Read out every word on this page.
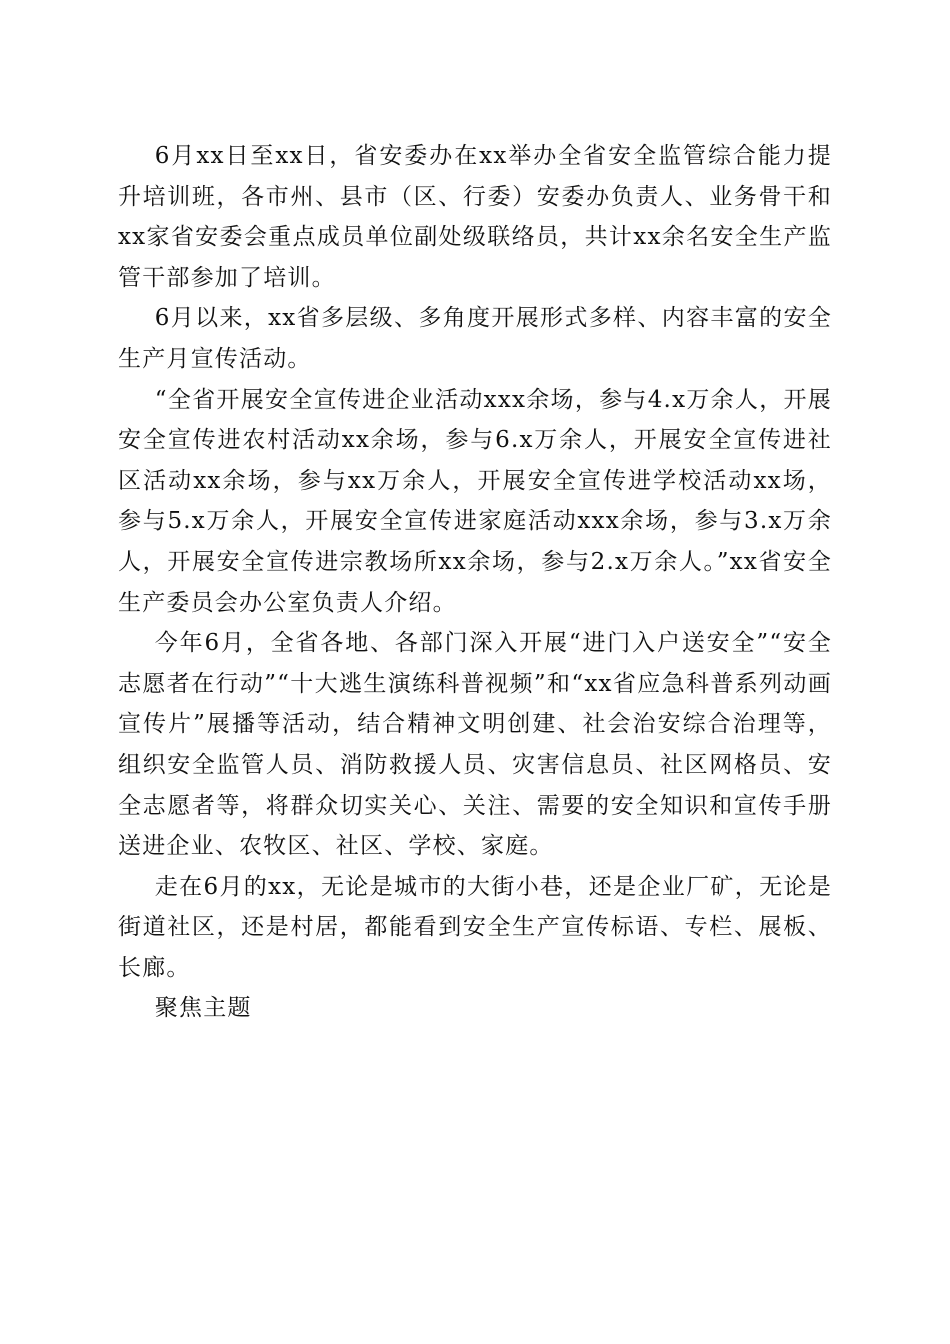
6月xx日至xx日，省安委办在xx举办全省安全监管综合能力提升培训班，各市州、县市（区、行委）安委办负责人、业务骨干和xx家省安委会重点成员单位副处级联络员，共计xx余名安全生产监管干部参加了培训。

6月以来，xx省多层级、多角度开展形式多样、内容丰富的安全生产月宣传活动。

“全省开展安全宣传进企业活动xxx余场，参与4.x万余人，开展安全宣传进农村活动xx余场，参与6.x万余人，开展安全宣传进社区活动xx余场，参与xx万余人，开展安全宣传进学校活动xx场，参与5.x万余人，开展安全宣传进家庭活动xxx余场，参与3.x万余人，开展安全宣传进宗教场所xx余场，参与2.x万余人。”xx省安全生产委员会办公室负责人介绍。

今年6月，全省各地、各部门深入开展“进门入户送安全”“安全志愿者在行动”“十大逃生演练科普视频”和“xx省应急科普系列动画宣传片”展播等活动，结合精神文明创建、社会治安综合治理等，组织安全监管人员、消防救援人员、灾害信息员、社区网格员、安全志愿者等，将群众切实关心、关注、需要的安全知识和宣传手册送进企业、农牧区、社区、学校、家庭。

走在6月的xx，无论是城市的大街小巷，还是企业厂矿，无论是街道社区，还是村居，都能看到安全生产宣传标语、专栏、展板、长廊。

聚焦主题
